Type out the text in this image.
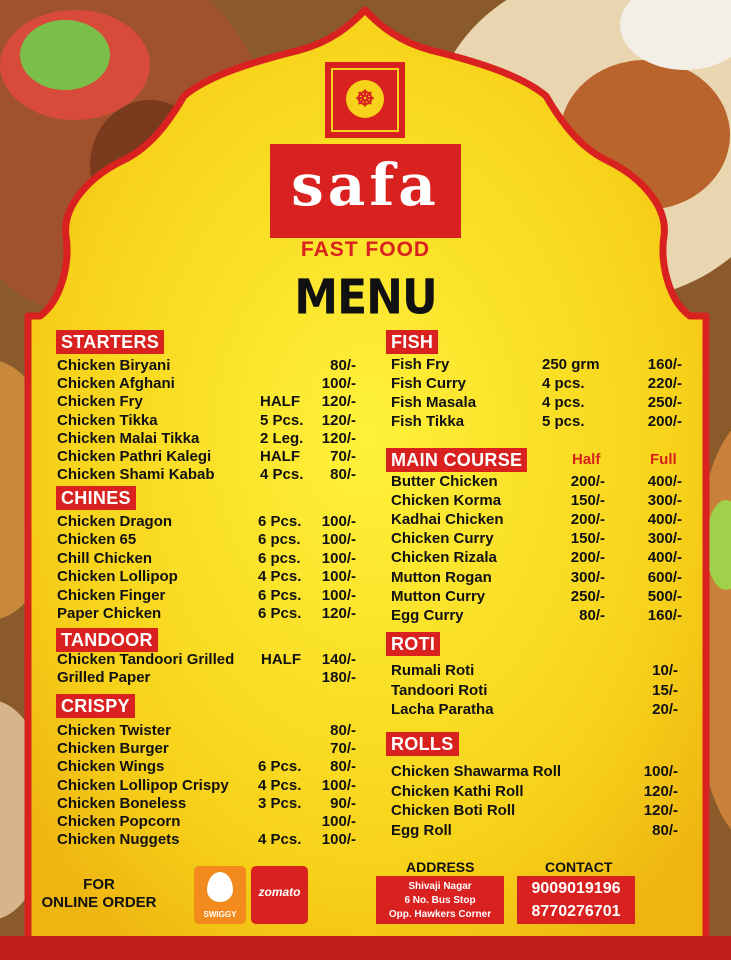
☸
safa
FAST FOOD
MENU
STARTERS
Chicken Biryani	80/-
Chicken Afghani	100/-
Chicken Fry	HALF	120/-
Chicken Tikka	5 Pcs.	120/-
Chicken Malai Tikka	2 Leg.	120/-
Chicken Pathri Kalegi	HALF	70/-
Chicken Shami Kabab	4 Pcs.	80/-
CHINES
Chicken Dragon	6 Pcs.	100/-
Chicken 65	6 pcs.	100/-
Chill Chicken	6 pcs.	100/-
Chicken Lollipop	4 Pcs.	100/-
Chicken Finger	6 Pcs.	100/-
Paper Chicken	6 Pcs.	120/-
TANDOOR
Chicken Tandoori Grilled HALF	140/-
Grilled Paper	180/-
CRISPY
Chicken Twister	80/-
Chicken Burger	70/-
Chicken Wings	6 Pcs.	80/-
Chicken Lollipop Crispy 4 Pcs.	100/-
Chicken Boneless	3 Pcs.	90/-
Chicken Popcorn	100/-
Chicken Nuggets	4 Pcs.	100/-
FISH
Fish Fry	250 grm	160/-
Fish Curry	4 pcs.	220/-
Fish Masala	4 pcs.	250/-
Fish Tikka	5 pcs.	200/-
MAIN COURSE	Half	Full
Butter Chicken	200/-	400/-
Chicken Korma	150/-	300/-
Kadhai Chicken	200/-	400/-
Chicken Curry	150/-	300/-
Chicken Rizala	200/-	400/-
Mutton Rogan	300/-	600/-
Mutton Curry	250/-	500/-
Egg Curry	80/-	160/-
ROTI
Rumali Roti	10/-
Tandoori Roti	15/-
Lacha Paratha	20/-
ROLLS
Chicken Shawarma Roll	100/-
Chicken Kathi Roll	120/-
Chicken Boti Roll	120/-
Egg Roll	80/-
FOR
ONLINE ORDER
SWIGGY
zomato
ADDRESS
Shivaji Nagar
6 No. Bus Stop
Opp. Hawkers Corner
CONTACT
9009019196
8770276701
